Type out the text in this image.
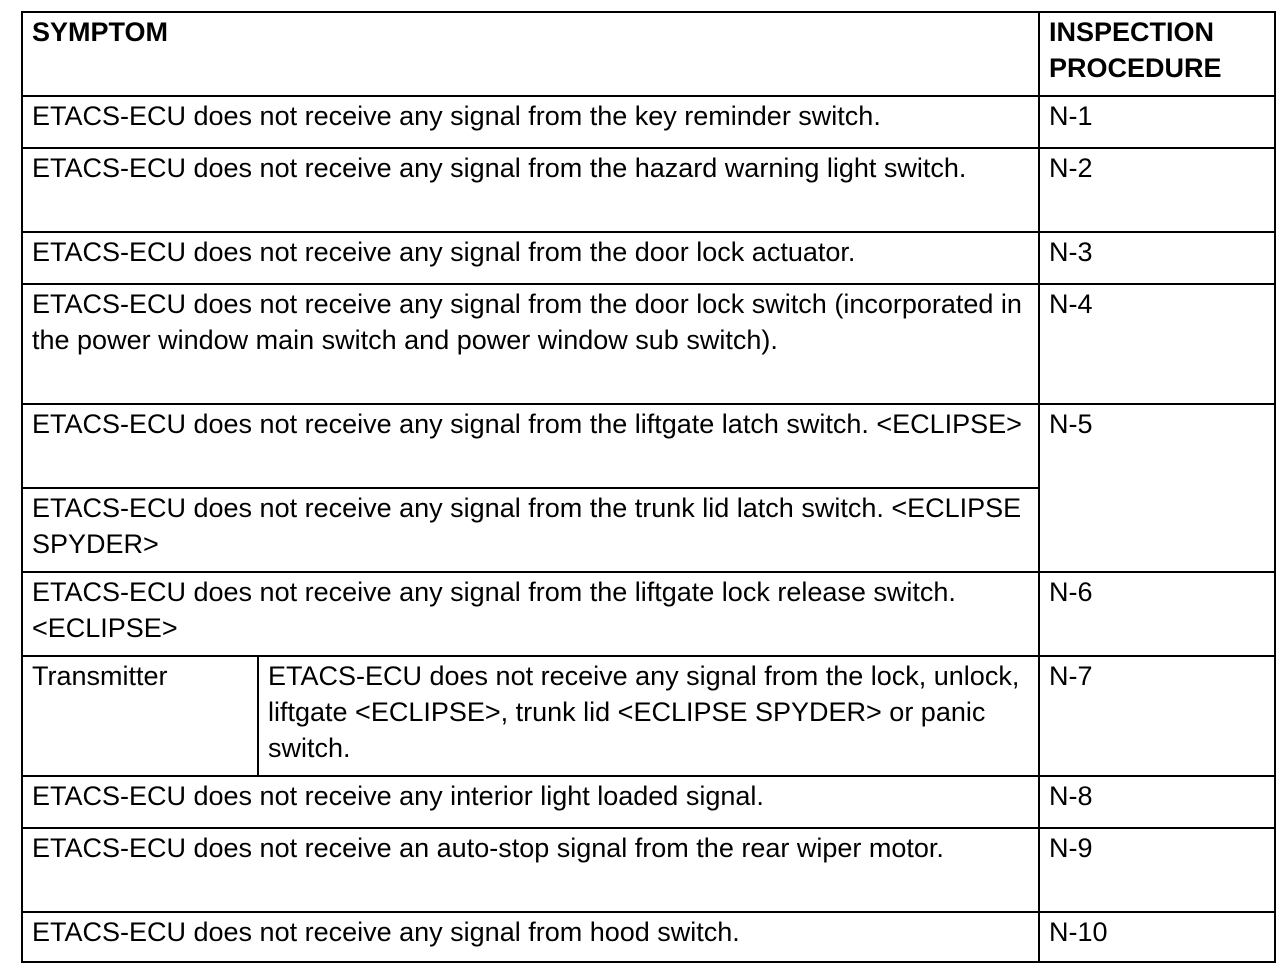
SYMPTOM		INSPECTION PROCEDURE
ETACS-ECU does not receive any signal from the key reminder switch.		N-1
ETACS-ECU does not receive any signal from the hazard warning light switch.		N-2
ETACS-ECU does not receive any signal from the door lock actuator.		N-3
ETACS-ECU does not receive any signal from the door lock switch (incorporated in the power window main switch and power window sub switch).		N-4
ETACS-ECU does not receive any signal from the liftgate latch switch. <ECLIPSE>		N-5
ETACS-ECU does not receive any signal from the trunk lid latch switch. <ECLIPSE SPYDER>		
ETACS-ECU does not receive any signal from the liftgate lock release switch. <ECLIPSE>		N-6
Transmitter	ETACS-ECU does not receive any signal from the lock, unlock, liftgate <ECLIPSE>, trunk lid <ECLIPSE SPYDER> or panic switch.	N-7
ETACS-ECU does not receive any interior light loaded signal.		N-8
ETACS-ECU does not receive an auto-stop signal from the rear wiper motor.		N-9
ETACS-ECU does not receive any signal from hood switch.		N-10
